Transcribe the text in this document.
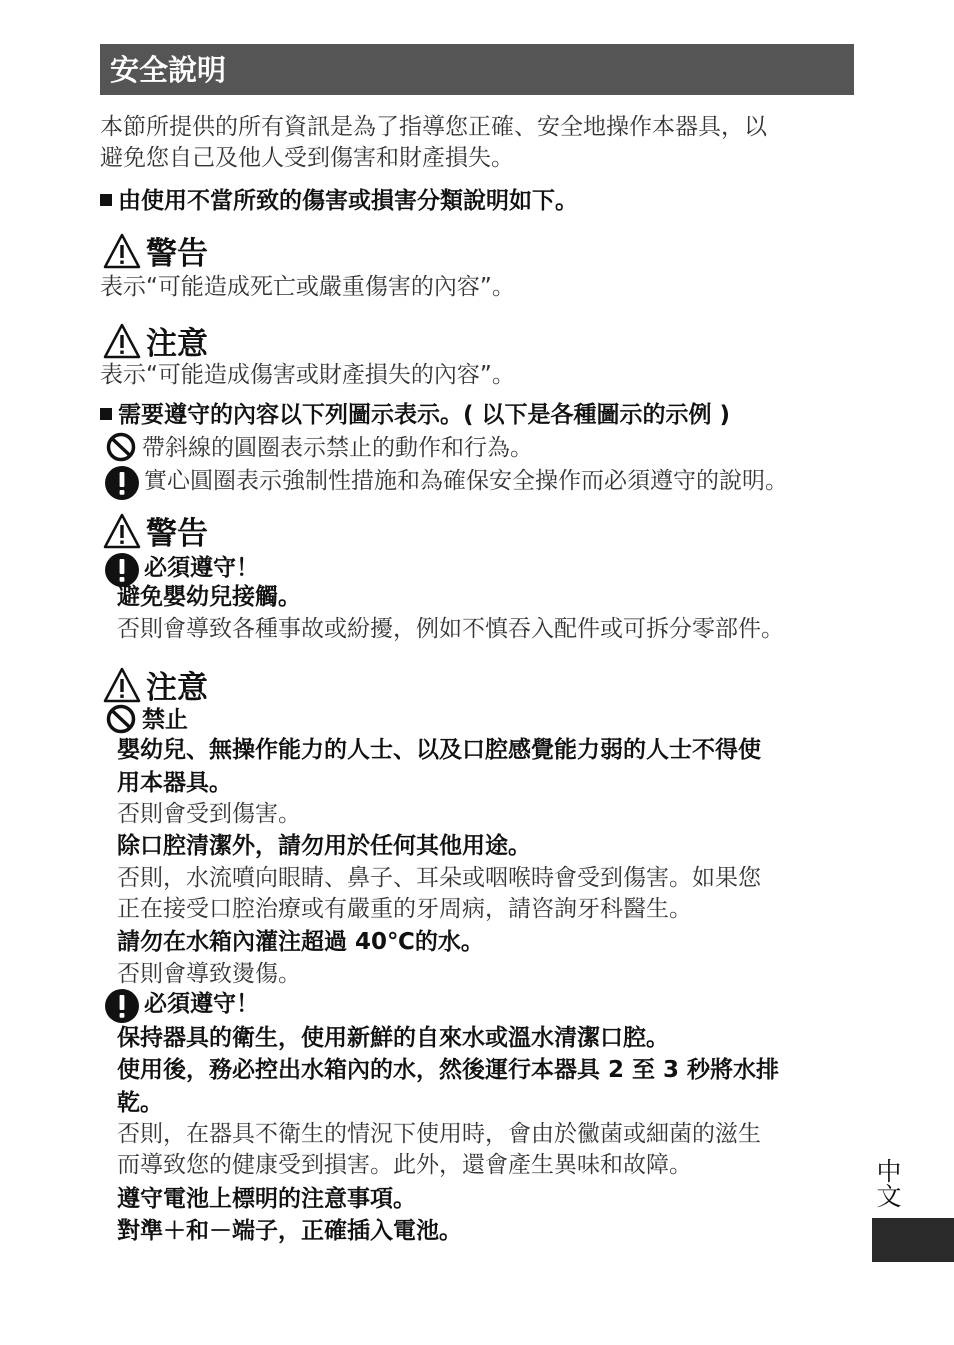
安全說明
本節所提供的所有資訊是為了指導您正確、安全地操作本器具，以
避免您自己及他人受到傷害和財產損失。
由使用不當所致的傷害或損害分類說明如下。
警告
表示“可能造成死亡或嚴重傷害的內容”。
注意
表示“可能造成傷害或財產損失的內容”。
需要遵守的內容以下列圖示表示。( 以下是各種圖示的示例 )
帶斜線的圓圈表示禁止的動作和行為。
實心圓圈表示強制性措施和為確保安全操作而必須遵守的說明。
警告
必須遵守！
避免嬰幼兒接觸。
否則會導致各種事故或紛擾，例如不慎吞入配件或可拆分零部件。
注意
禁止
嬰幼兒、無操作能力的人士、以及口腔感覺能力弱的人士不得使
用本器具。
否則會受到傷害。
除口腔清潔外，請勿用於任何其他用途。
否則，水流噴向眼睛、鼻子、耳朵或咽喉時會受到傷害。如果您
正在接受口腔治療或有嚴重的牙周病，請咨詢牙科醫生。
請勿在水箱內灌注超過 40℃的水。
否則會導致燙傷。
必須遵守！
保持器具的衛生，使用新鮮的自來水或溫水清潔口腔。
使用後，務必控出水箱內的水，然後運行本器具 2 至 3 秒將水排
乾。
否則，在器具不衛生的情況下使用時，會由於黴菌或細菌的滋生
而導致您的健康受到損害。此外，還會產生異味和故障。
遵守電池上標明的注意事項。
對準＋和－端子，正確插入電池。
中文
